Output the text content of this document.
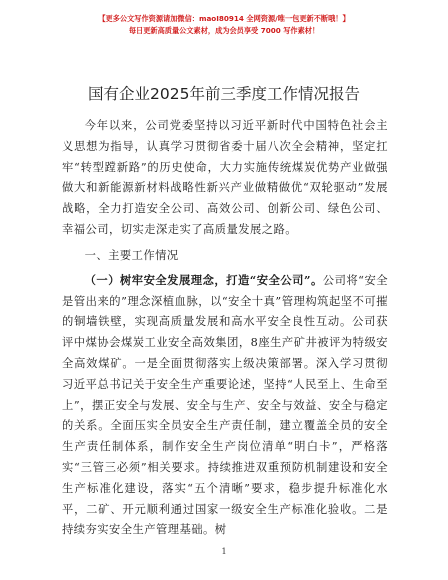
【更多公文写作资源请加微信：maoI80914 全网资源/唯一包更新不断哦！】
每日更新高质量公文素材，成为会员享受 7000 写作素材！
国有企业2025年前三季度工作情况报告

今年以来，公司党委坚持以习近平新时代中国特色社会主义思想为指导，认真学习贯彻省委十届八次全会精神，坚定扛牢“转型蹚新路”的历史使命，大力实施传统煤炭优势产业做强做大和新能源新材料战略性新兴产业做精做优“双轮驱动”发展战略，全力打造安全公司、高效公司、创新公司、绿色公司、幸福公司，切实走深走实了高质量发展之路。

一、主要工作情况

（一）树牢安全发展理念，打造“安全公司”。公司将“安全是管出来的”理念深植血脉，以“安全十真”管理构筑起坚不可摧的铜墙铁壁，实现高质量发展和高水平安全良性互动。公司获评中煤协会煤炭工业安全高效集团，8座生产矿井被评为特级安全高效煤矿。一是全面贯彻落实上级决策部署。深入学习贯彻习近平总书记关于安全生产重要论述，坚持“人民至上、生命至上”，摆正安全与发展、安全与生产、安全与效益、安全与稳定的关系。全面压实全员安全生产责任制，建立覆盖全员的安全生产责任制体系，制作安全生产岗位清单“明白卡”，严格落实“三管三必须”相关要求。持续推进双重预防机制建设和安全生产标准化建设，落实“五个清晰”要求，稳步提升标准化水平，二矿、开元顺利通过国家一级安全生产标准化验收。二是持续夯实安全生产管理基础。树

1
